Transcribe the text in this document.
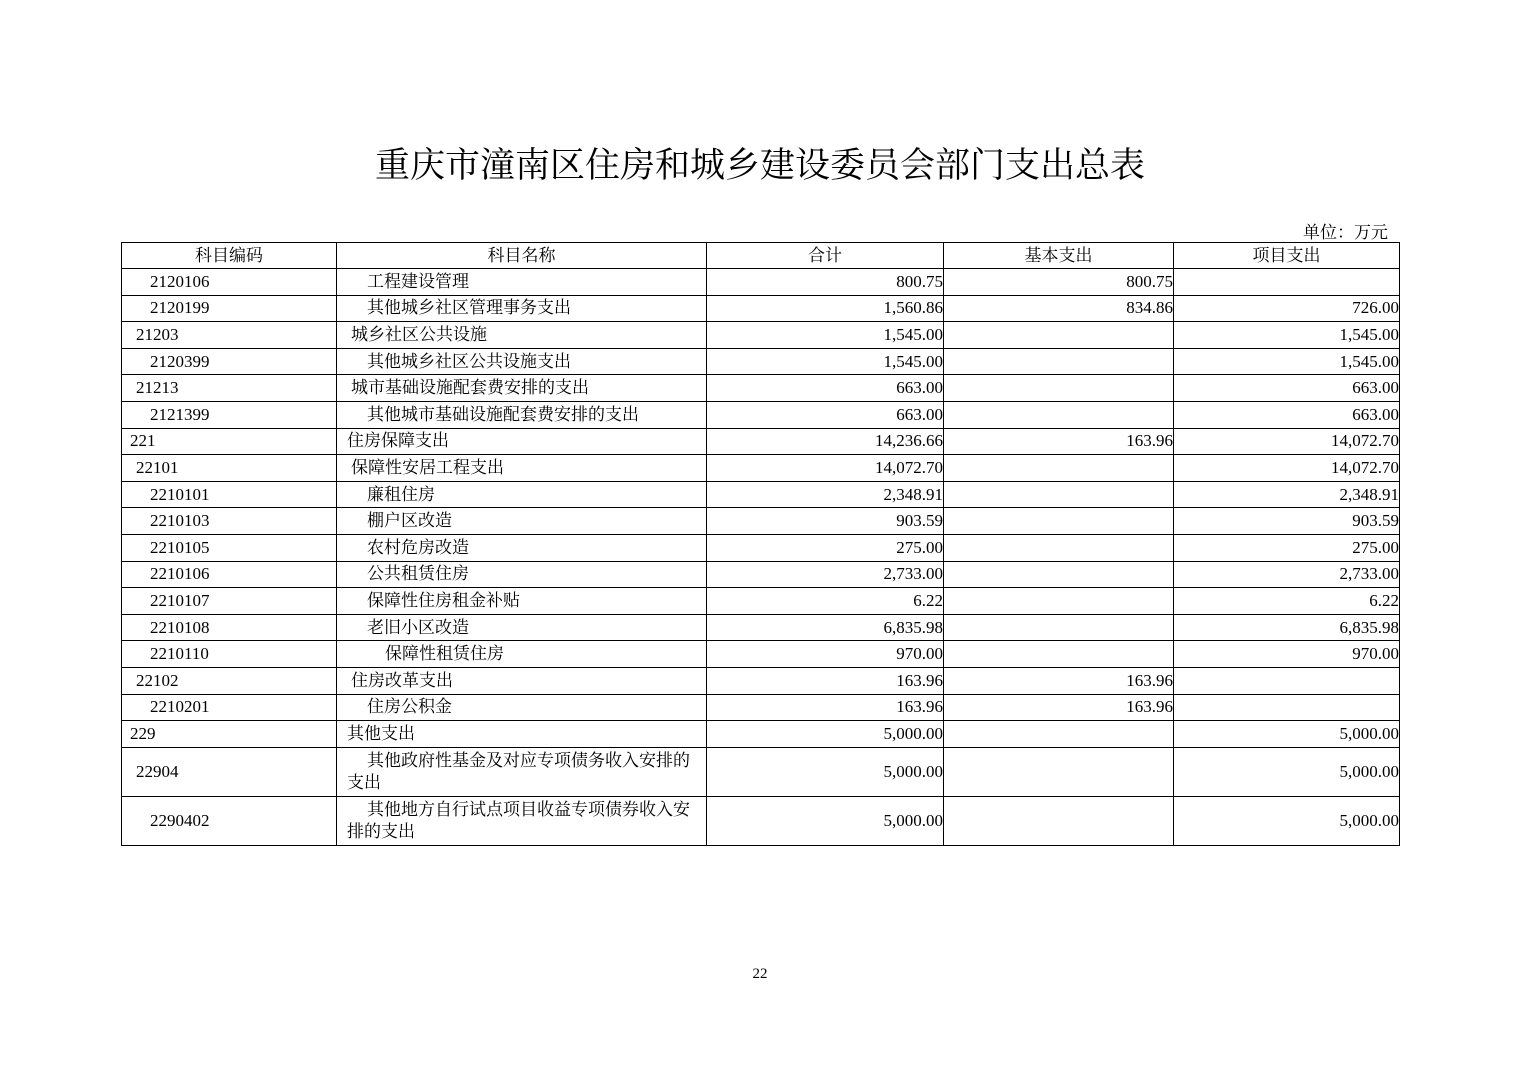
重庆市潼南区住房和城乡建设委员会部门支出总表
单位：万元
科目编码	科目名称	合计	基本支出	项目支出
2120106	工程建设管理	800.75	800.75	
2120199	其他城乡社区管理事务支出	1,560.86	834.86	726.00
21203	城乡社区公共设施	1,545.00		1,545.00
2120399	其他城乡社区公共设施支出	1,545.00		1,545.00
21213	城市基础设施配套费安排的支出	663.00		663.00
2121399	其他城市基础设施配套费安排的支出	663.00		663.00
221	住房保障支出	14,236.66	163.96	14,072.70
22101	保障性安居工程支出	14,072.70		14,072.70
2210101	廉租住房	2,348.91		2,348.91
2210103	棚户区改造	903.59		903.59
2210105	农村危房改造	275.00		275.00
2210106	公共租赁住房	2,733.00		2,733.00
2210107	保障性住房租金补贴	6.22		6.22
2210108	老旧小区改造	6,835.98		6,835.98
2210110	保障性租赁住房	970.00		970.00
22102	住房改革支出	163.96	163.96	
2210201	住房公积金	163.96	163.96	
229	其他支出	5,000.00		5,000.00
22904	其他政府性基金及对应专项债务收入安排的支出	5,000.00		5,000.00
2290402	其他地方自行试点项目收益专项债券收入安排的支出	5,000.00		5,000.00
22
